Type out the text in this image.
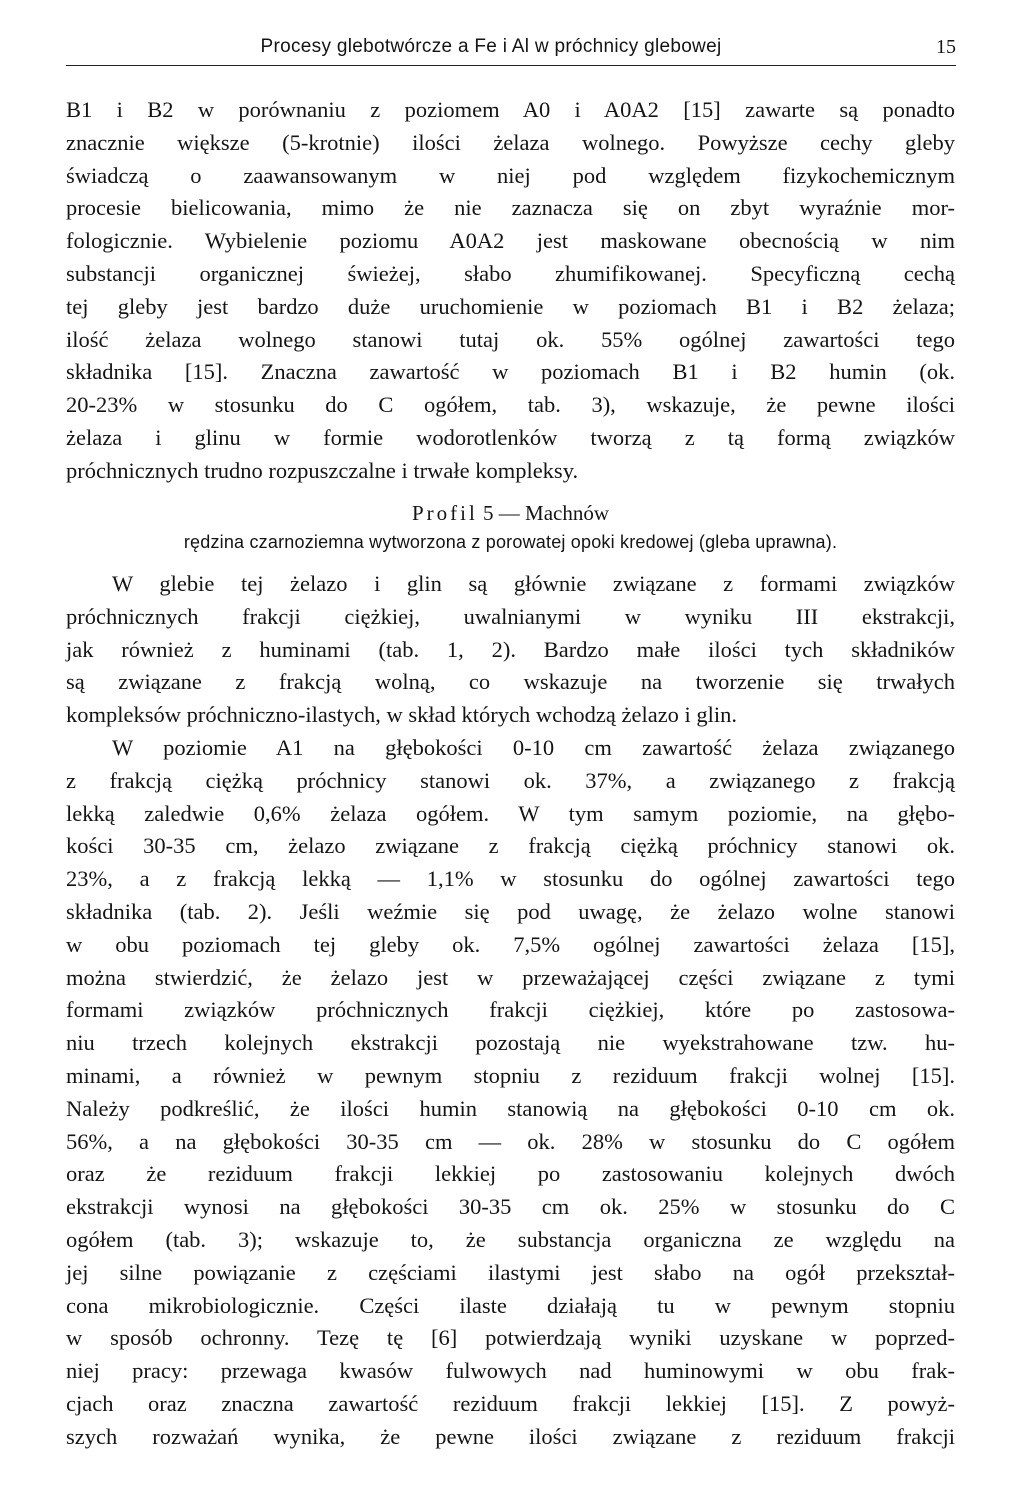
Procesy glebotwórcze a Fe i Al w próchnicy glebowej	15
B1 i B2 w porównaniu z poziomem A0 i A0A2 [15] zawarte są ponadto
znacznie większe (5-krotnie) ilości żelaza wolnego. Powyższe cechy gleby
świadczą o zaawansowanym w niej pod względem fizykochemicznym
procesie bielicowania, mimo że nie zaznacza się on zbyt wyraźnie mor-
fologicznie. Wybielenie poziomu A0A2 jest maskowane obecnością w nim
substancji organicznej świeżej, słabo zhumifikowanej. Specyficzną cechą
tej gleby jest bardzo duże uruchomienie w poziomach B1 i B2 żelaza;
ilość żelaza wolnego stanowi tutaj ok. 55% ogólnej zawartości tego
składnika [15]. Znaczna zawartość w poziomach B1 i B2 humin (ok.
20-23% w stosunku do C ogółem, tab. 3), wskazuje, że pewne ilości
żelaza i glinu w formie wodorotlenków tworzą z tą formą związków
próchnicznych trudno rozpuszczalne i trwałe kompleksy.
Profil 5 — Machnów
rędzina czarnoziemna wytworzona z porowatej opoki kredowej (gleba uprawna).
W glebie tej żelazo i glin są głównie związane z formami związków
próchnicznych frakcji ciężkiej, uwalnianymi w wyniku III ekstrakcji,
jak również z huminami (tab. 1, 2). Bardzo małe ilości tych składników
są związane z frakcją wolną, co wskazuje na tworzenie się trwałych
kompleksów próchniczno-ilastych, w skład których wchodzą żelazo i glin.
W poziomie A1 na głębokości 0-10 cm zawartość żelaza związanego
z frakcją ciężką próchnicy stanowi ok. 37%, a związanego z frakcją
lekką zaledwie 0,6% żelaza ogółem. W tym samym poziomie, na głębo-
kości 30-35 cm, żelazo związane z frakcją ciężką próchnicy stanowi ok.
23%, a z frakcją lekką — 1,1% w stosunku do ogólnej zawartości tego
składnika (tab. 2). Jeśli weźmie się pod uwagę, że żelazo wolne stanowi
w obu poziomach tej gleby ok. 7,5% ogólnej zawartości żelaza [15],
można stwierdzić, że żelazo jest w przeważającej części związane z tymi
formami związków próchnicznych frakcji ciężkiej, które po zastosowa-
niu trzech kolejnych ekstrakcji pozostają nie wyekstrahowane tzw. hu-
minami, a również w pewnym stopniu z reziduum frakcji wolnej [15].
Należy podkreślić, że ilości humin stanowią na głębokości 0-10 cm ok.
56%, a na głębokości 30-35 cm — ok. 28% w stosunku do C ogółem
oraz że reziduum frakcji lekkiej po zastosowaniu kolejnych dwóch
ekstrakcji wynosi na głębokości 30-35 cm ok. 25% w stosunku do C
ogółem (tab. 3); wskazuje to, że substancja organiczna ze względu na
jej silne powiązanie z częściami ilastymi jest słabo na ogół przekształ-
cona mikrobiologicznie. Części ilaste działają tu w pewnym stopniu
w sposób ochronny. Tezę tę [6] potwierdzają wyniki uzyskane w poprzed-
niej pracy: przewaga kwasów fulwowych nad huminowymi w obu frak-
cjach oraz znaczna zawartość reziduum frakcji lekkiej [15]. Z powyż-
szych rozważań wynika, że pewne ilości związane z reziduum frakcji
